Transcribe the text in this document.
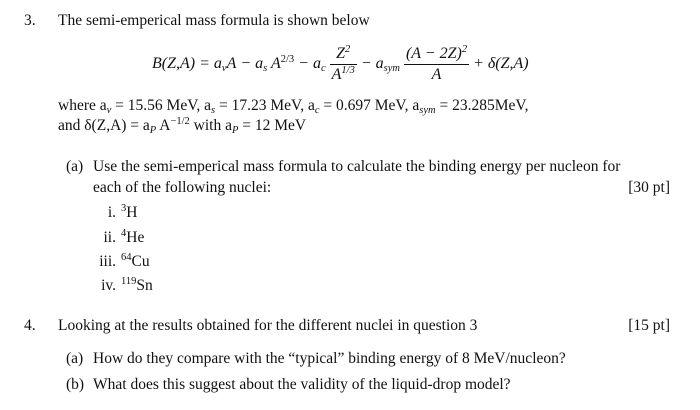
3. The semi-emperical mass formula is shown below
B(Z,A) = avA − as $A^{2/3}$ − ac $\frac{Z^2}{A^{1/3}}$ − asym $\frac{(A - 2Z)^2}{A} + \delta(Z,A)$
where av = 15.56 MeV, as = 17.23 MeV, ac = 0.697 MeV, asym = 23.285MeV,
and δ(Z,A) = aP $A^{-1/2}$ with aP = 12 MeV
(a) Use the semi-emperical mass formula to calculate the binding energy per nucleon for
each of the following nuclei:	[30 pt]
i. $^3$H
ii. $^4$He
iii. $^{64}$Cu
iv. $^{119}$Sn
4. Looking at the results obtained for the different nuclei in question 3	[15 pt]
(a) How do they compare with the “typical” binding energy of 8 MeV/nucleon?
(b) What does this suggest about the validity of the liquid-drop model?
